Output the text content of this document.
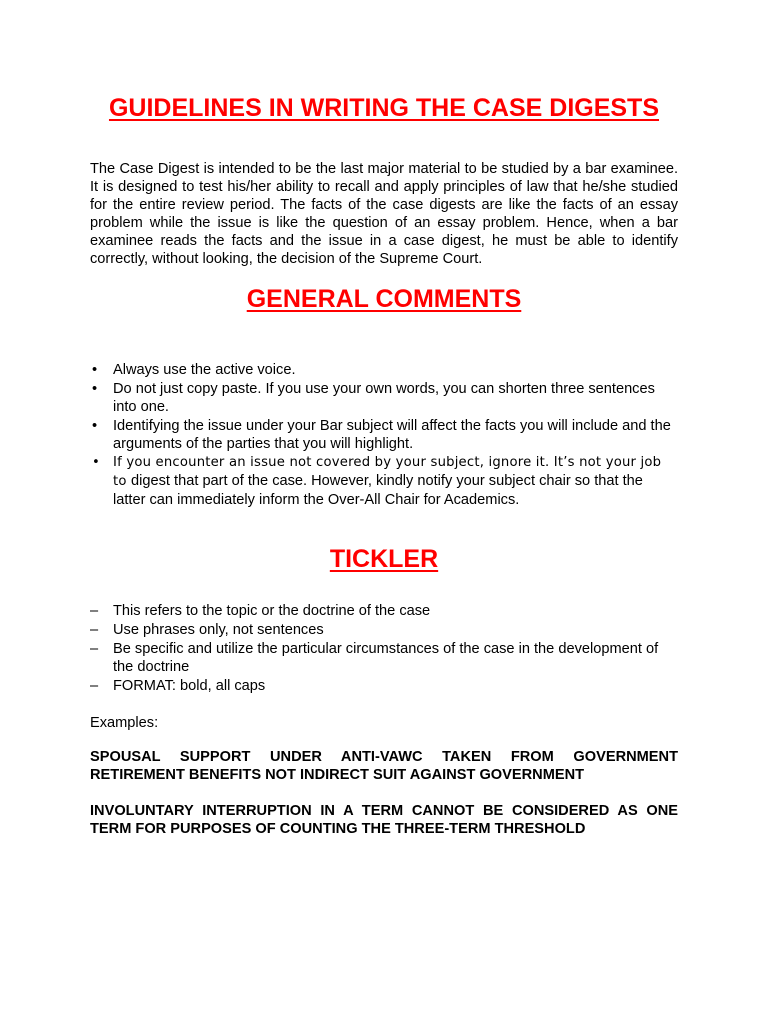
GUIDELINES IN WRITING THE CASE DIGESTS

The Case Digest is intended to be the last major material to be studied by a bar examinee. It is designed to test his/her ability to recall and apply principles of law that he/she studied for the entire review period. The facts of the case digests are like the facts of an essay problem while the issue is like the question of an essay problem. Hence, when a bar examinee reads the facts and the issue in a case digest, he must be able to identify correctly, without looking, the decision of the Supreme Court.

GENERAL COMMENTS
• Always use the active voice.
• Do not just copy paste. If you use your own words, you can shorten three sentences into one.
• Identifying the issue under your Bar subject will affect the facts you will include and the arguments of the parties that you will highlight.
• If you encounter an issue not covered by your subject, ignore it. It’s not your job to digest that part of the case. However, kindly notify your subject chair so that the latter can immediately inform the Over-All Chair for Academics.
TICKLER
– This refers to the topic or the doctrine of the case
– Use phrases only, not sentences
– Be specific and utilize the particular circumstances of the case in the development of the doctrine
– FORMAT: bold, all caps

Examples:

SPOUSAL SUPPORT UNDER ANTI-VAWC TAKEN FROM GOVERNMENT RETIREMENT BENEFITS NOT INDIRECT SUIT AGAINST GOVERNMENT

INVOLUNTARY INTERRUPTION IN A TERM CANNOT BE CONSIDERED AS ONE TERM FOR PURPOSES OF COUNTING THE THREE-TERM THRESHOLD
